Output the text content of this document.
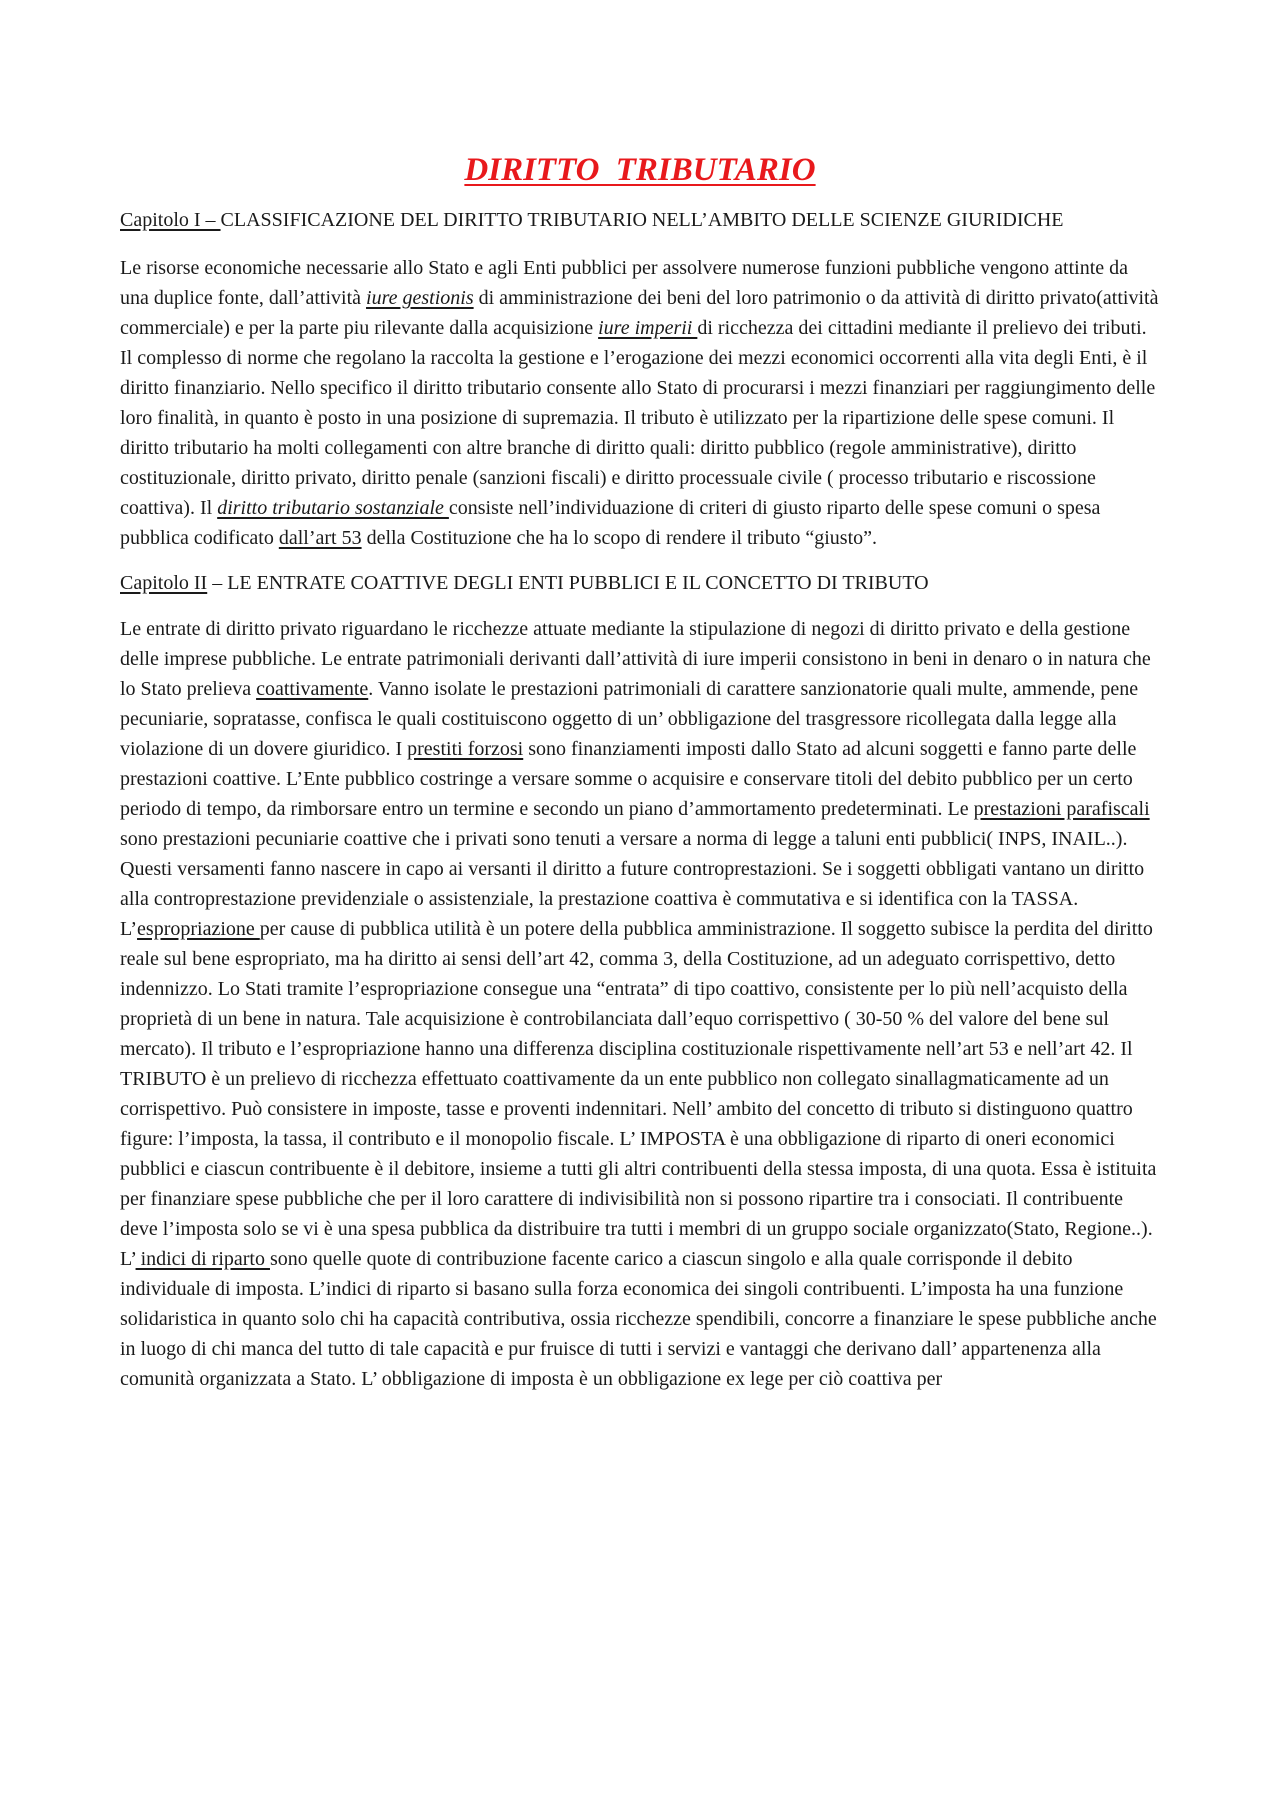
DIRITTO TRIBUTARIO

Capitolo I – CLASSIFICAZIONE DEL DIRITTO TRIBUTARIO NELL’AMBITO DELLE SCIENZE GIURIDICHE

Le risorse economiche necessarie allo Stato e agli Enti pubblici per assolvere numerose funzioni pubbliche vengono attinte da una duplice fonte, dall’attività iure gestionis di amministrazione dei beni del loro patrimonio o da attività di diritto privato(attività commerciale) e per la parte piu rilevante dalla acquisizione iure imperii di ricchezza dei cittadini mediante il prelievo dei tributi. Il complesso di norme che regolano la raccolta la gestione e l’erogazione dei mezzi economici occorrenti alla vita degli Enti, è il diritto finanziario. Nello specifico il diritto tributario consente allo Stato di procurarsi i mezzi finanziari per raggiungimento delle loro finalità, in quanto è posto in una posizione di supremazia. Il tributo è utilizzato per la ripartizione delle spese comuni. Il diritto tributario ha molti collegamenti con altre branche di diritto quali: diritto pubblico (regole amministrative), diritto costituzionale, diritto privato, diritto penale (sanzioni fiscali) e diritto processuale civile ( processo tributario e riscossione coattiva). Il diritto tributario sostanziale consiste nell’individuazione di criteri di giusto riparto delle spese comuni o spesa pubblica codificato dall’art 53 della Costituzione che ha lo scopo di rendere il tributo “giusto”.

Capitolo II – LE ENTRATE COATTIVE DEGLI ENTI PUBBLICI E IL CONCETTO DI TRIBUTO

Le entrate di diritto privato riguardano le ricchezze attuate mediante la stipulazione di negozi di diritto privato e della gestione delle imprese pubbliche. Le entrate patrimoniali derivanti dall’attività di iure imperii consistono in beni in denaro o in natura che lo Stato prelieva coattivamente. Vanno isolate le prestazioni patrimoniali di carattere sanzionatorie quali multe, ammende, pene pecuniarie, sopratasse, confisca le quali costituiscono oggetto di un’ obbligazione del trasgressore ricollegata dalla legge alla violazione di un dovere giuridico. I prestiti forzosi sono finanziamenti imposti dallo Stato ad alcuni soggetti e fanno parte delle prestazioni coattive. L’Ente pubblico costringe a versare somme o acquisire e conservare titoli del debito pubblico per un certo periodo di tempo, da rimborsare entro un termine e secondo un piano d’ammortamento predeterminati. Le prestazioni parafiscali sono prestazioni pecuniarie coattive che i privati sono tenuti a versare a norma di legge a taluni enti pubblici( INPS, INAIL..). Questi versamenti fanno nascere in capo ai versanti il diritto a future controprestazioni. Se i soggetti obbligati vantano un diritto alla controprestazione previdenziale o assistenziale, la prestazione coattiva è commutativa e si identifica con la TASSA.

L’espropriazione per cause di pubblica utilità è un potere della pubblica amministrazione. Il soggetto subisce la perdita del diritto reale sul bene espropriato, ma ha diritto ai sensi dell’art 42, comma 3, della Costituzione, ad un adeguato corrispettivo, detto indennizzo. Lo Stati tramite l’espropriazione consegue una “entrata” di tipo coattivo, consistente per lo più nell’acquisto della proprietà di un bene in natura. Tale acquisizione è controbilanciata dall’equo corrispettivo ( 30-50 % del valore del bene sul mercato). Il tributo e l’espropriazione hanno una differenza disciplina costituzionale rispettivamente nell’art 53 e nell’art 42. Il TRIBUTO è un prelievo di ricchezza effettuato coattivamente da un ente pubblico non collegato sinallagmaticamente ad un corrispettivo. Può consistere in imposte, tasse e proventi indennitari. Nell’ ambito del concetto di tributo si distinguono quattro figure: l’imposta, la tassa, il contributo e il monopolio fiscale. L’ IMPOSTA è una obbligazione di riparto di oneri economici pubblici e ciascun contribuente è il debitore, insieme a tutti gli altri contribuenti della stessa imposta, di una quota. Essa è istituita per finanziare spese pubbliche che per il loro carattere di indivisibilità non si possono ripartire tra i consociati. Il contribuente deve l’imposta solo se vi è una spesa pubblica da distribuire tra tutti i membri di un gruppo sociale organizzato(Stato, Regione..). L’ indici di riparto sono quelle quote di contribuzione facente carico a ciascun singolo e alla quale corrisponde il debito individuale di imposta. L’indici di riparto si basano sulla forza economica dei singoli contribuenti. L’imposta ha una funzione solidaristica in quanto solo chi ha capacità contributiva, ossia ricchezze spendibili, concorre a finanziare le spese pubbliche anche in luogo di chi manca del tutto di tale capacità e pur fruisce di tutti i servizi e vantaggi che derivano dall’ appartenenza alla comunità organizzata a Stato. L’ obbligazione di imposta è un obbligazione ex lege per ciò coattiva per
